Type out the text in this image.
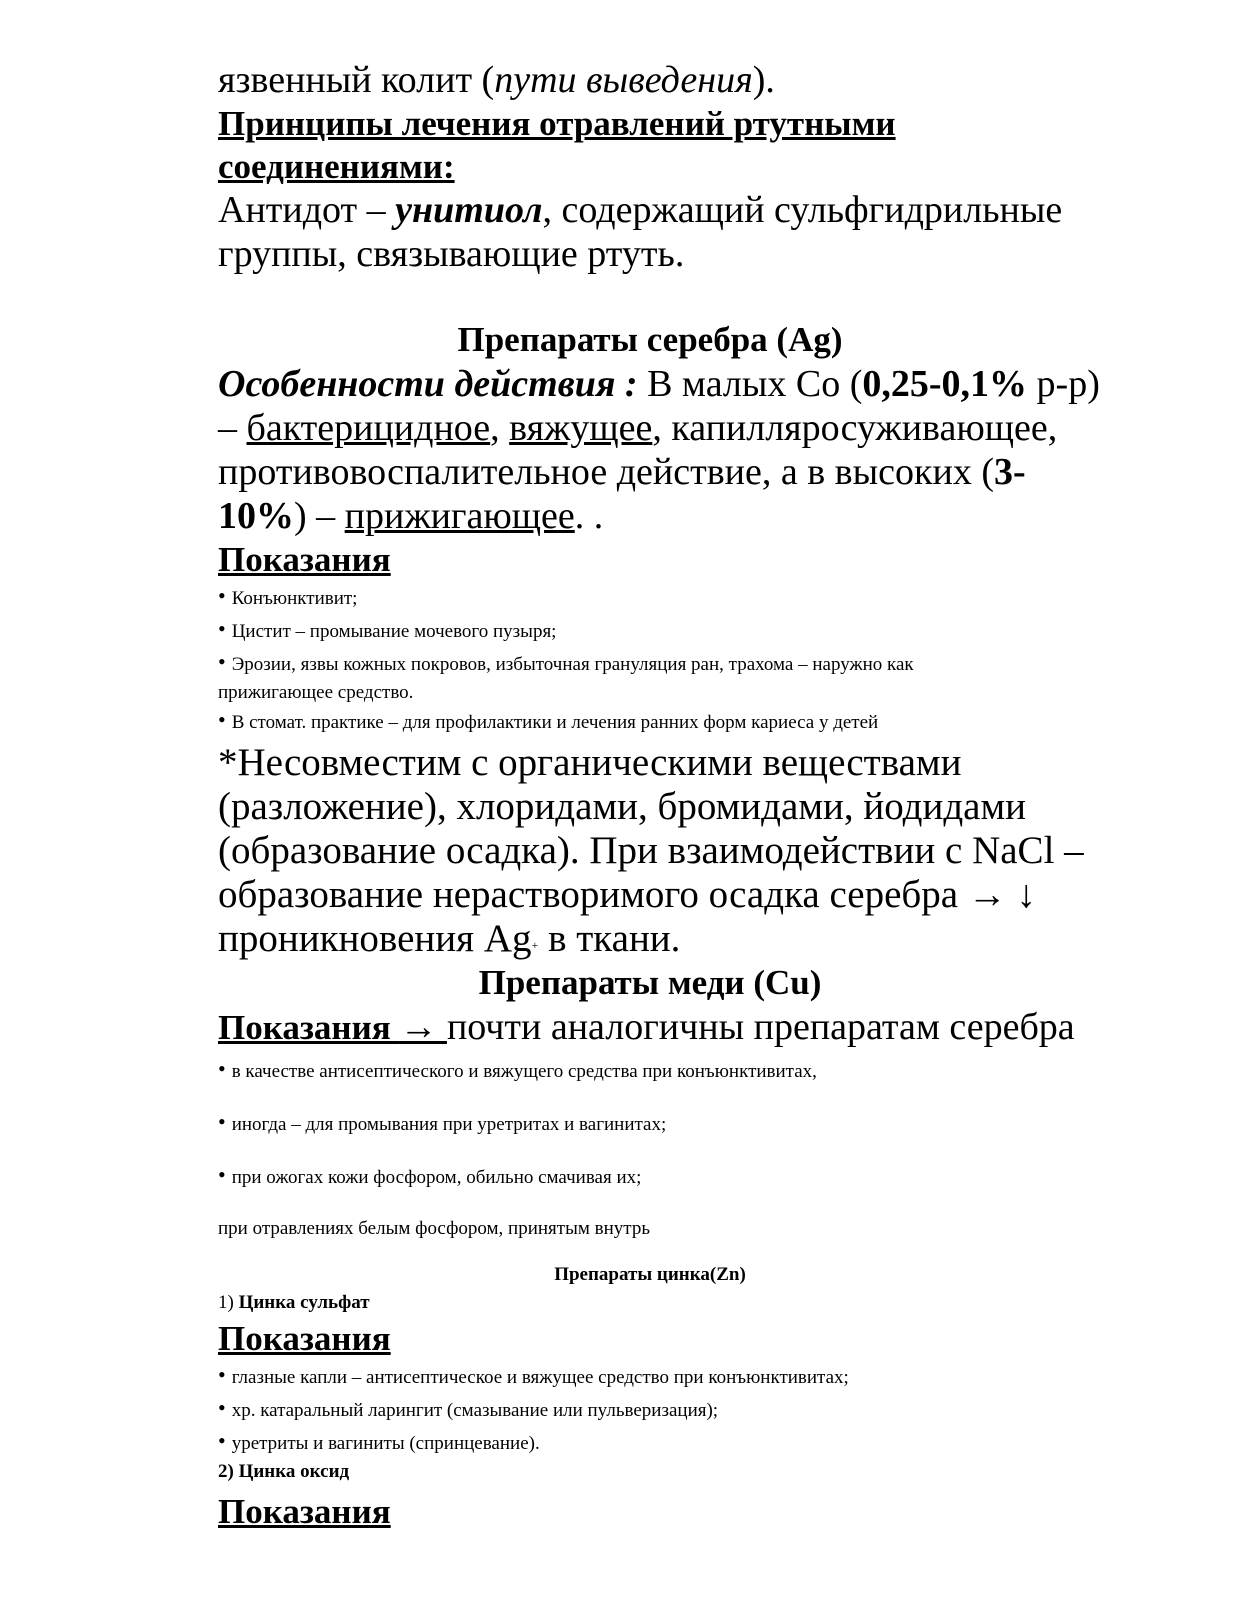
язвенный колит (пути выведения).

Принципы лечения отравлений ртутными

соединениями:

Антидот – унитиол, содержащий сульфгидрильные

группы, связывающие ртуть.

Препараты серебра (Ag)

Особенности действия : В малых Со (0,25-0,1% р-р)

– бактерицидное, вяжущее, капилляросуживающее,

противовоспалительное действие, а в высоких (3-

10%) – прижигающее. .

Показания

• Конъюнктивит;

• Цистит – промывание мочевого пузыря;

• Эрозии, язвы кожных покровов, избыточная грануляция ран, трахома – наружно как

прижигающее средство.

• В стомат. практике – для профилактики и лечения ранних форм кариеса у детей

*Несовместим с органическими веществами

(разложение), хлоридами, бромидами, йодидами

(образование осадка). При взаимодействии с NaCl –

образование нерастворимого осадка серебра → ↓

проникновения Ag+ в ткани.

Препараты меди (Cu)

Показания → почти аналогичны препаратам серебра

• в качестве антисептического и вяжущего средства при конъюнктивитах,

• иногда – для промывания при уретритах и вагинитах;

• при ожогах кожи фосфором, обильно смачивая их;

при отравлениях белым фосфором, принятым внутрь

Препараты цинка(Zn)

1) Цинка сульфат

Показания

• глазные капли – антисептическое и вяжущее средство при конъюнктивитах;

• хр. катаральный ларингит (смазывание или пульверизация);

• уретриты и вагиниты (спринцевание).

2) Цинка оксид

Показания
